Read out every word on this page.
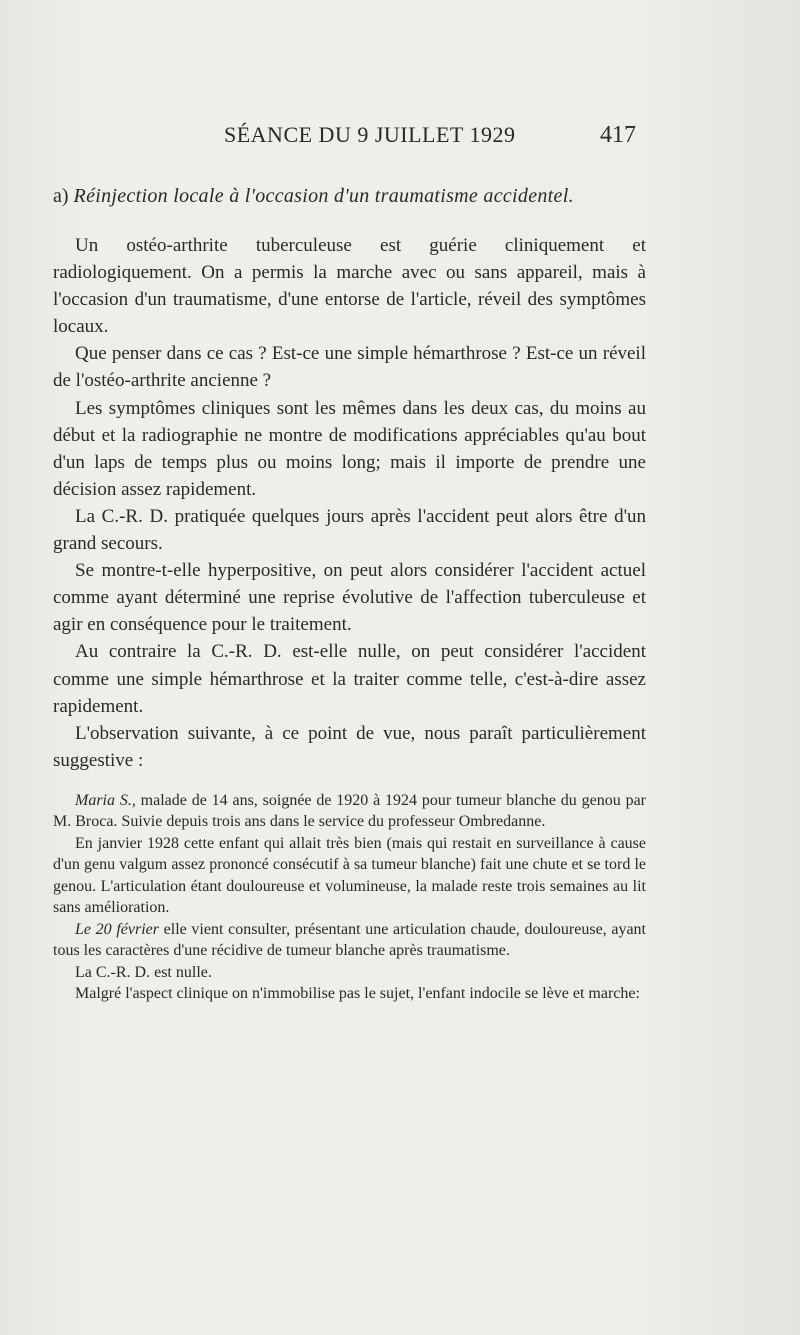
SÉANCE DU 9 JUILLET 1929	417

a) Réinjection locale à l'occasion d'un traumatisme accidentel.

Un ostéo-arthrite tuberculeuse est guérie cliniquement et radiologiquement. On a permis la marche avec ou sans appareil, mais à l'occasion d'un traumatisme, d'une entorse de l'article, réveil des symptômes locaux.

Que penser dans ce cas ? Est-ce une simple hémarthrose ? Est-ce un réveil de l'ostéo-arthrite ancienne ?

Les symptômes cliniques sont les mêmes dans les deux cas, du moins au début et la radiographie ne montre de modifications appréciables qu'au bout d'un laps de temps plus ou moins long; mais il importe de prendre une décision assez rapidement.

La C.-R. D. pratiquée quelques jours après l'accident peut alors être d'un grand secours.

Se montre-t-elle hyperpositive, on peut alors considérer l'accident actuel comme ayant déterminé une reprise évolutive de l'affection tuberculeuse et agir en conséquence pour le traitement.

Au contraire la C.-R. D. est-elle nulle, on peut considérer l'accident comme une simple hémarthrose et la traiter comme telle, c'est-à-dire assez rapidement.

L'observation suivante, à ce point de vue, nous paraît particulièrement suggestive :

Maria S., malade de 14 ans, soignée de 1920 à 1924 pour tumeur blanche du genou par M. Broca. Suivie depuis trois ans dans le service du professeur Ombredanne.

En janvier 1928 cette enfant qui allait très bien (mais qui restait en surveillance à cause d'un genu valgum assez prononcé consécutif à sa tumeur blanche) fait une chute et se tord le genou. L'articulation étant douloureuse et volumineuse, la malade reste trois semaines au lit sans amélioration.

Le 20 février elle vient consulter, présentant une articulation chaude, douloureuse, ayant tous les caractères d'une récidive de tumeur blanche après traumatisme.

La C.-R. D. est nulle.

Malgré l'aspect clinique on n'immobilise pas le sujet, l'enfant indocile se lève et marche:
